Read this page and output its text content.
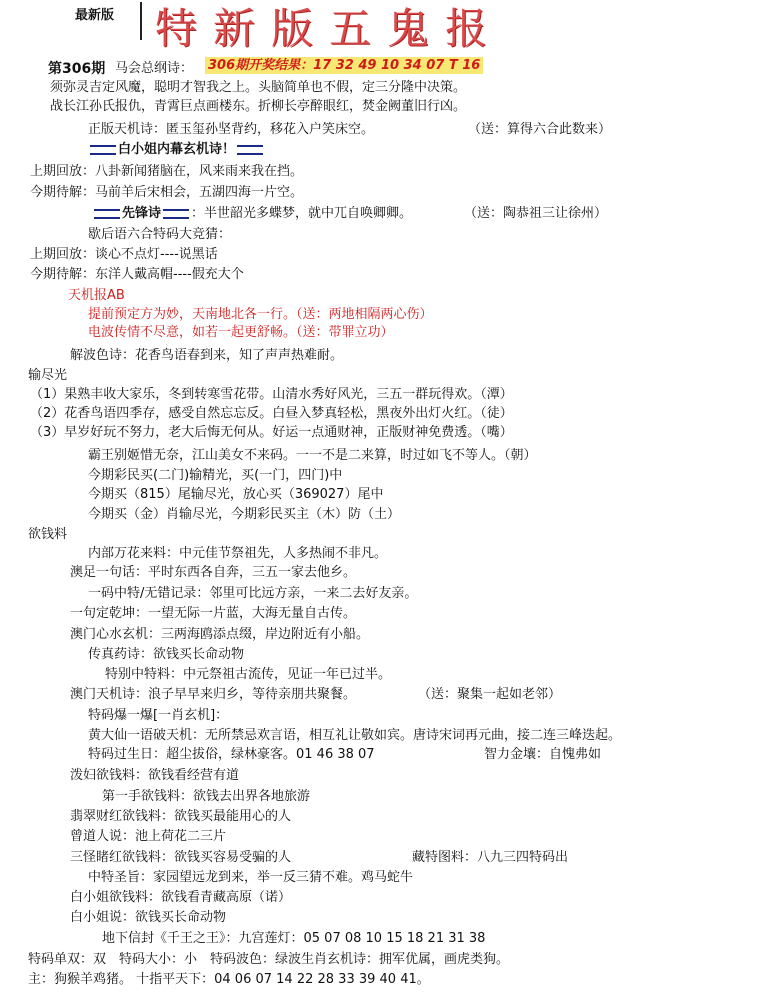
最新版 特新版五鬼报
第306期 马会总纲诗： 306期开奖结果：17 32 49 10 34 07 T 16
须弥灵吉定风魔，聪明才智我之上。头脑简单也不假，定三分隆中决策。
战长江孙氏报仇，青霄巨点画楼东。折柳长亭醉眼红，焚金阙董旧行凶。
正版天机诗：匿玉玺孙坚背约，移花入户笑床空。	（送：算得六合此数来）
白小姐内幕玄机诗！
上期回放：八卦新闻猪脑在，风来雨来我在挡。
今期待解：马前羊后宋相会，五湖四海一片空。
先锋诗 ：半世韶光多蝶梦，就中兀自唤卿卿。	（送：陶恭祖三让徐州）
歇后语六合特码大竞猜：
上期回放：谈心不点灯----说黑话
今期待解：东洋人戴高帽----假充大个
天机报AB
提前预定方为妙，天南地北各一行。（送：两地相隔两心伤）
电波传情不尽意，如若一起更舒畅。（送：带罪立功）
解波色诗：花香鸟语春到来，知了声声热难耐。
输尽光
（1）果熟丰收大家乐，冬到转寒雪花带。山清水秀好风光，三五一群玩得欢。（潭）
（2）花香鸟语四季存，感受自然忘忘反。白昼入梦真轻松，黑夜外出灯火红。（徒）
（3）早岁好玩不努力，老大后悔无何从。好运一点通财神，正版财神免费透。（嘴）
霸王别姬惜无奈，江山美女不来码。一一不是二来算，时过如飞不等人。（朝）
今期彩民买(二门)输精光，买(一门，四门)中
今期买（815）尾输尽光，放心买（369027）尾中
今期买（金）肖输尽光，今期彩民买主（木）防（土）
欲钱料
内部万花来料：中元佳节祭祖先，人多热闹不非凡。
澳足一句话：平时东西各自奔，三五一家去他乡。
一码中特/无错记录：邻里可比远方亲，一来二去好友亲。
一句定乾坤：一望无际一片蓝，大海无量自古传。
澳门心水玄机：三两海鸥添点缀，岸边附近有小船。
传真药诗：欲钱买长命动物
特别中特料：中元祭祖古流传，见证一年已过半。
澳门天机诗：浪子早早来归乡，等待亲朋共聚餐。	（送：聚集一起如老邻）
特码爆一爆[一肖玄机]：
黄大仙一语破天机：无所禁忌欢言语，相互礼让敬如宾。唐诗宋词再元曲，接二连三峰迭起。
特码过生日：超尘拔俗，绿林豪客。01 46 38 07	智力金壤：自愧弗如
泼妇欲钱料：欲钱看经营有道
第一手欲钱料：欲钱去出界各地旅游
翡翠财红欲钱料：欲钱买最能用心的人
曾道人说：池上荷花二三片
三怪睹红欲钱料：欲钱买容易受骗的人	藏特图料：八九三四特码出
中特圣旨：家园望远龙到来，举一反三猜不难。鸡马蛇牛
白小姐欲钱料：欲钱看青藏高原（诺）
白小姐说：欲钱买长命动物
地下信封《千王之王》：九宫莲灯：05 07 08 10 15 18 21 31 38
特码单双：双　特码大小：小　特码波色：绿波生肖玄机诗：拥军优属，画虎类狗。
主：狗猴羊鸡猪。 十指平天下：04 06 07 14 22 28 33 39 40 41。
